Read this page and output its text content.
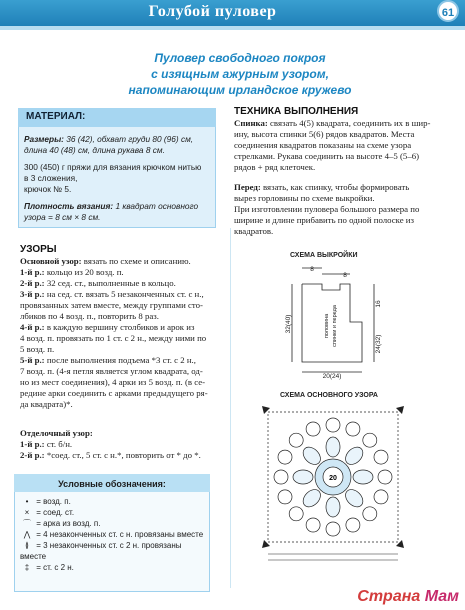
Голубой пуловер	61
Пуловер свободного покроя
с изящным ажурным узором,
напоминающим ирландское кружево
МАТЕРИАЛ:
Размеры: 36 (42), обхват груди 80 (96) см,
длина 40 (48) см, длина рукава 8 см.
300 (450) г пряжи для вязания крючком нитью
в 3 сложения,
крючок № 5.
Плотность вязания: 1 квадрат основного
узора = 8 см × 8 см.
ТЕХНИКА ВЫПОЛНЕНИЯ
Спинка: связать 4(5) квадрата, соединить их в шир-
ину, высота спинки 5(6) рядов квадратов. Места
соединения квадратов показаны на схеме узора
стрелками. Рукава соединить на высоте 4–5 (5–6)
рядов + ряд клеточек.
Перед: вязать, как спинку, чтобы формировать
вырез горловины по схеме выкройки.
При изготовлении пуловера большого размера по
ширине и длине прибавить по одной полоске из
квадратов.
УЗОРЫ
Основной узор: вязать по схеме и описанию.
1-й р.: кольцо из 20 возд. п.
2-й р.: 32 сед. ст., выполненные в кольцо.
3-й р.: на сед. ст. вязать 5 незаконченных ст. с н.,
провязанных затем вместе, между группами сто-
лбиков по 4 возд. п., повторить 8 раз.
4-й р.: в каждую вершину столбиков и арок из
4 возд. п. провязать по 1 ст. с 2 н., между ними по
5 возд. п.
5-й р.: после выполнения подъема *3 ст. с 2 н.,
7 возд. п. (4-я петля является углом квадрата, од-
но из мест соединения), 4 арки из 5 возд. п. (в се-
редине арки соединить с арками предыдущего ря-
да квадрата)*.
Отделочный узор:
1-й р.: ст. б/н.
2-й р.: *соед. ст., 5 ст. с н.*, повторить от * до *.
Условные обозначения:
• = возд. п.
× = соед. ст.
⌒ = арка из возд. п.
⋀ = 4 незаконченных ст. с н. провязаны вместе
≬ = 3 незаконченных ст. с 2 н. провязаны вместе
‡ = ст. с 2 н.
СХЕМА ВЫКРОЙКИ
8
8
32(40)
16
24(32)
20(24)
половина спинки и переда
СХЕМА ОСНОВНОГО УЗОРА
20
Страна Мам
